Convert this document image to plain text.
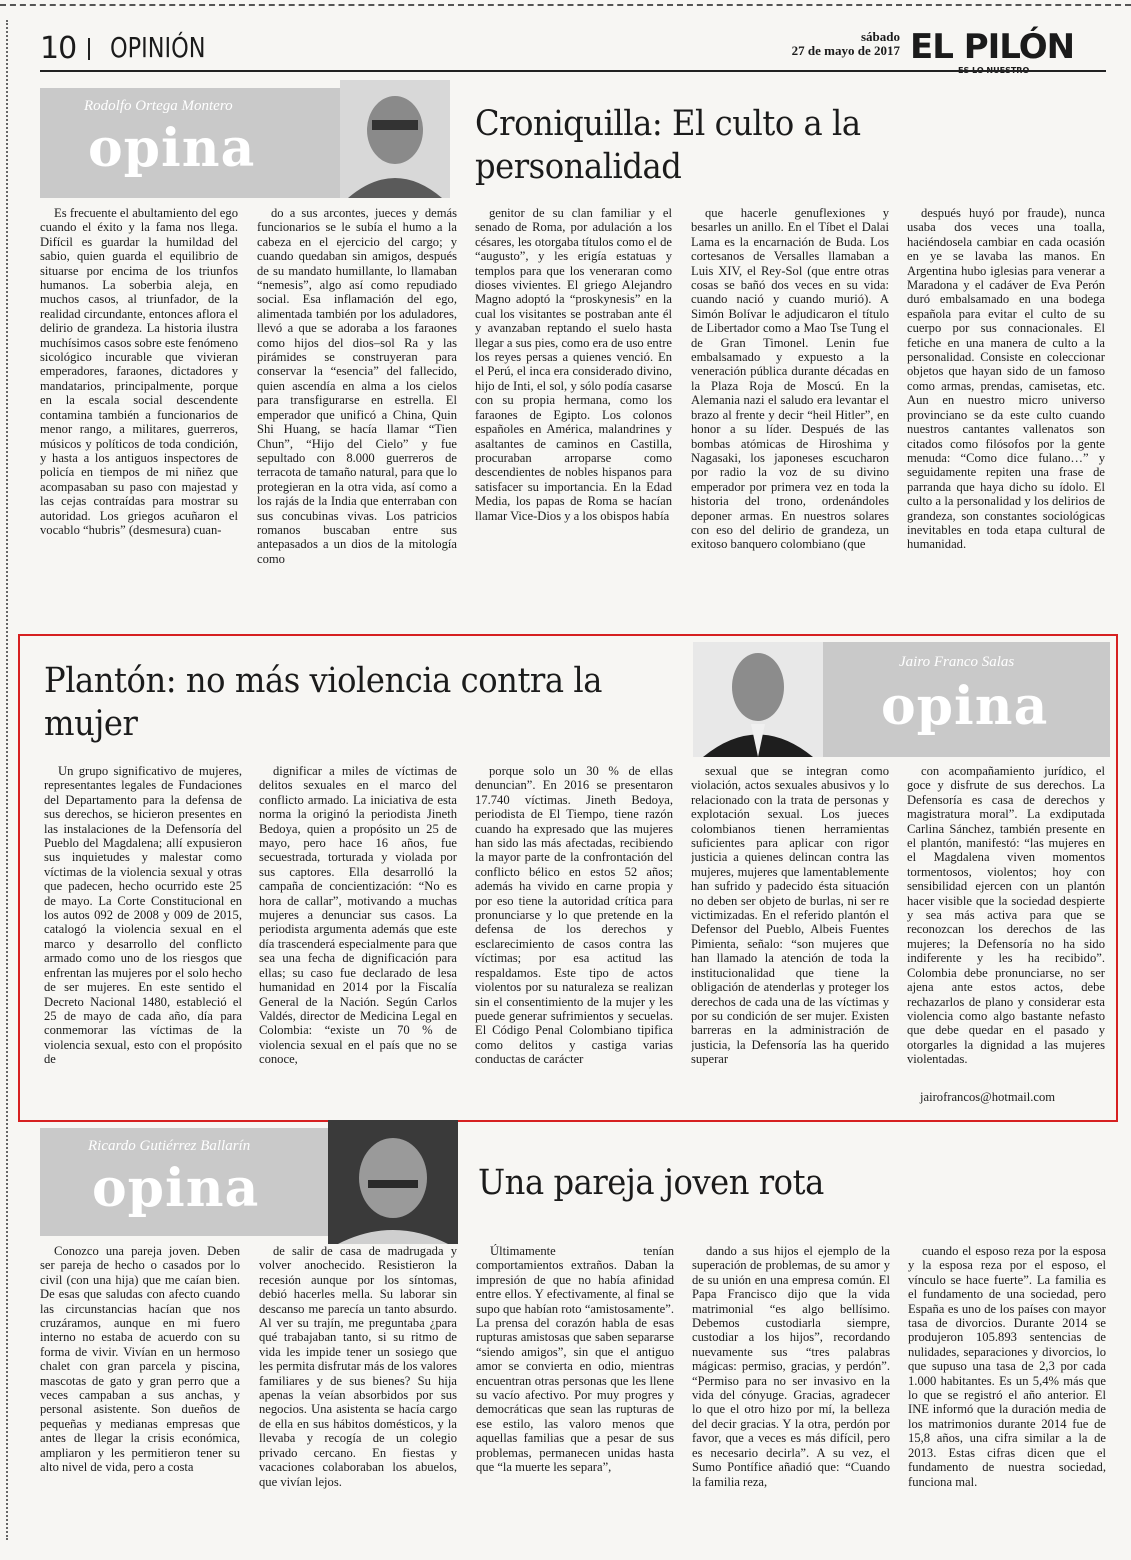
10 OPINIÓN	sábado
27 de mayo de 2017 EL PILÓN
ES LO NUESTRO
Rodolfo Ortega Montero
opina	Croniquilla: El culto a la personalidad

Es frecuente el abultamiento del ego cuando el éxito y la fama nos llega. Difícil es guardar la humildad del sabio, quien guarda el equilibrio de situarse por encima de los triunfos humanos. La soberbia aleja, en muchos casos, al triunfador, de la realidad circundante, entonces aflora el delirio de grandeza. La historia ilustra muchísimos casos sobre este fenómeno sicológico incurable que vivieran emperadores, faraones, dictadores y mandatarios, principalmente, porque en la escala social descendente contamina también a funcionarios de menor rango, a militares, guerreros, músicos y políticos de toda condición, y hasta a los antiguos inspectores de policía en tiempos de mi niñez que acompasaban su paso con majestad y las cejas contraídas para mostrar su autoridad. Los griegos acuñaron el vocablo “hubris” (desmesura) cuan-

do a sus arcontes, jueces y demás funcionarios se le subía el humo a la cabeza en el ejercicio del cargo; y cuando quedaban sin amigos, después de su mandato humillante, lo llamaban “nemesis”, algo así como repudiado social. Esa inflamación del ego, alimentada también por los aduladores, llevó a que se adoraba a los faraones como hijos del dios–sol Ra y las pirámides se construyeran para conservar la “esencia” del fallecido, quien ascendía en alma a los cielos para transfigurarse en estrella. El emperador que unificó a China, Quin Shi Huang, se hacía llamar “Tien Chun”, “Hijo del Cielo” y fue sepultado con 8.000 guerreros de terracota de tamaño natural, para que lo protegieran en la otra vida, así como a los rajás de la India que enterraban con sus concubinas vivas. Los patricios romanos buscaban entre sus antepasados a un dios de la mitología como

genitor de su clan familiar y el senado de Roma, por adulación a los césares, les otorgaba títulos como el de “augusto”, y les erigía estatuas y templos para que los veneraran como dioses vivientes. El griego Alejandro Magno adoptó la “proskynesis” en la cual los visitantes se postraban ante él y avanzaban reptando el suelo hasta llegar a sus pies, como era de uso entre los reyes persas a quienes venció. En el Perú, el inca era considerado divino, hijo de Inti, el sol, y sólo podía casarse con su propia hermana, como los faraones de Egipto. Los colonos españoles en América, malandrines y asaltantes de caminos en Castilla, procuraban arroparse como descendientes de nobles hispanos para satisfacer su importancia. En la Edad Media, los papas de Roma se hacían llamar Vice-Dios y a los obispos había

que hacerle genuflexiones y besarles un anillo. En el Tíbet el Dalai Lama es la encarnación de Buda. Los cortesanos de Versalles llamaban a Luis XIV, el Rey-Sol (que entre otras cosas se bañó dos veces en su vida: cuando nació y cuando murió). A Simón Bolívar le adjudicaron el título de Libertador como a Mao Tse Tung el de Gran Timonel. Lenin fue embalsamado y expuesto a la veneración pública durante décadas en la Plaza Roja de Moscú. En la Alemania nazi el saludo era levantar el brazo al frente y decir “heil Hitler”, en honor a su líder. Después de las bombas atómicas de Hiroshima y Nagasaki, los japoneses escucharon por radio la voz de su divino emperador por primera vez en toda la historia del trono, ordenándoles deponer armas. En nuestros solares con eso del delirio de grandeza, un exitoso banquero colombiano (que

después huyó por fraude), nunca usaba dos veces una toalla, haciéndosela cambiar en cada ocasión en ye se lavaba las manos. En Argentina hubo iglesias para venerar a Maradona y el cadáver de Eva Perón duró embalsamado en una bodega española para evitar el culto de su cuerpo por sus connacionales. El fetiche en una manera de culto a la personalidad. Consiste en coleccionar objetos que hayan sido de un famoso como armas, prendas, camisetas, etc. Aun en nuestro micro universo provinciano se da este culto cuando nuestros cantantes vallenatos son citados como filósofos por la gente menuda: “Como dice fulano…” y seguidamente repiten una frase de parranda que haya dicho su ídolo. El culto a la personalidad y los delirios de grandeza, son constantes sociológicas inevitables en toda etapa cultural de humanidad.

Plantón: no más violencia contra la mujer
Jairo Franco Salas
opina

Un grupo significativo de mujeres, representantes legales de Fundaciones del Departamento para la defensa de sus derechos, se hicieron presentes en las instalaciones de la Defensoría del Pueblo del Magdalena; allí expusieron sus inquietudes y malestar como víctimas de la violencia sexual y otras que padecen, hecho ocurrido este 25 de mayo. La Corte Constitucional en los autos 092 de 2008 y 009 de 2015, catalogó la violencia sexual en el marco y desarrollo del conflicto armado como uno de los riesgos que enfrentan las mujeres por el solo hecho de ser mujeres. En este sentido el Decreto Nacional 1480, estableció el 25 de mayo de cada año, día para conmemorar las víctimas de la violencia sexual, esto con el propósito de

dignificar a miles de víctimas de delitos sexuales en el marco del conflicto armado. La iniciativa de esta norma la originó la periodista Jineth Bedoya, quien a propósito un 25 de mayo, pero hace 16 años, fue secuestrada, torturada y violada por sus captores. Ella desarrolló la campaña de concientización: “No es hora de callar”, motivando a muchas mujeres a denunciar sus casos. La periodista argumenta además que este día trascenderá especialmente para que sea una fecha de dignificación para ellas; su caso fue declarado de lesa humanidad en 2014 por la Fiscalía General de la Nación. Según Carlos Valdés, director de Medicina Legal en Colombia: “existe un 70 % de violencia sexual en el país que no se conoce,

porque solo un 30 % de ellas denuncian”. En 2016 se presentaron 17.740 víctimas. Jineth Bedoya, periodista de El Tiempo, tiene razón cuando ha expresado que las mujeres han sido las más afectadas, recibiendo la mayor parte de la confrontación del conflicto bélico en estos 52 años; además ha vivido en carne propia y por eso tiene la autoridad crítica para pronunciarse y lo que pretende en la defensa de los derechos y esclarecimiento de casos contra las víctimas; por esa actitud las respaldamos. Este tipo de actos violentos por su naturaleza se realizan sin el consentimiento de la mujer y les puede generar sufrimientos y secuelas. El Código Penal Colombiano tipifica como delitos y castiga varias conductas de carácter

sexual que se integran como violación, actos sexuales abusivos y lo relacionado con la trata de personas y explotación sexual. Los jueces colombianos tienen herramientas suficientes para aplicar con rigor justicia a quienes delincan contra las mujeres, mujeres que lamentablemente han sufrido y padecido ésta situación no deben ser objeto de burlas, ni ser re victimizadas. En el referido plantón el Defensor del Pueblo, Albeis Fuentes Pimienta, señalo: “son mujeres que han llamado la atención de toda la institucionalidad que tiene la obligación de atenderlas y proteger los derechos de cada una de las víctimas y por su condición de ser mujer. Existen barreras en la administración de justicia, la Defensoría las ha querido superar

con acompañamiento jurídico, el goce y disfrute de sus derechos. La Defensoría es casa de derechos y magistratura moral”. La exdiputada Carlina Sánchez, también presente en el plantón, manifestó: “las mujeres en el Magdalena viven momentos tormentosos, violentos; hoy con sensibilidad ejercen con un plantón hacer visible que la sociedad despierte y sea más activa para que se reconozcan los derechos de las mujeres; la Defensoría no ha sido indiferente y les ha recibido”. Colombia debe pronunciarse, no ser ajena ante estos actos, debe rechazarlos de plano y considerar esta violencia como algo bastante nefasto que debe quedar en el pasado y otorgarles la dignidad a las mujeres violentadas.

jairofrancos@hotmail.com
Ricardo Gutiérrez Ballarín
opina	Una pareja joven rota

Conozco una pareja joven. Deben ser pareja de hecho o casados por lo civil (con una hija) que me caían bien. De esas que saludas con afecto cuando las circunstancias hacían que nos cruzáramos, aunque en mi fuero interno no estaba de acuerdo con su forma de vivir. Vivían en un hermoso chalet con gran parcela y piscina, mascotas de gato y gran perro que a veces campaban a sus anchas, y personal asistente. Son dueños de pequeñas y medianas empresas que antes de llegar la crisis económica, ampliaron y les permitieron tener su alto nivel de vida, pero a costa

de salir de casa de madrugada y volver anochecido. Resistieron la recesión aunque por los síntomas, debió hacerles mella. Su laborar sin descanso me parecía un tanto absurdo. Al ver su trajín, me preguntaba ¿para qué trabajaban tanto, si su ritmo de vida les impide tener un sosiego que les permita disfrutar más de los valores familiares y de sus bienes? Su hija apenas la veían absorbidos por sus negocios. Una asistenta se hacía cargo de ella en sus hábitos domésticos, y la llevaba y recogía de un colegio privado cercano. En fiestas y vacaciones colaboraban los abuelos, que vivían lejos.

Últimamente tenían comportamientos extraños. Daban la impresión de que no había afinidad entre ellos. Y efectivamente, al final se supo que habían roto “amistosamente”. La prensa del corazón habla de esas rupturas amistosas que saben separarse “siendo amigos”, sin que el antiguo amor se convierta en odio, mientras encuentran otras personas que les llene su vacío afectivo. Por muy progres y democráticas que sean las rupturas de ese estilo, las valoro menos que aquellas familias que a pesar de sus problemas, permanecen unidas hasta que “la muerte les separa”,

dando a sus hijos el ejemplo de la superación de problemas, de su amor y de su unión en una empresa común. El Papa Francisco dijo que la vida matrimonial “es algo bellísimo. Debemos custodiarla siempre, custodiar a los hijos”, recordando nuevamente sus “tres palabras mágicas: permiso, gracias, y perdón”. “Permiso para no ser invasivo en la vida del cónyuge. Gracias, agradecer lo que el otro hizo por mí, la belleza del decir gracias. Y la otra, perdón por favor, que a veces es más difícil, pero es necesario decirla”. A su vez, el Sumo Pontífice añadió que: “Cuando la familia reza,

cuando el esposo reza por la esposa y la esposa reza por el esposo, el vínculo se hace fuerte”. La familia es el fundamento de una sociedad, pero España es uno de los países con mayor tasa de divorcios. Durante 2014 se produjeron 105.893 sentencias de nulidades, separaciones y divorcios, lo que supuso una tasa de 2,3 por cada 1.000 habitantes. Es un 5,4% más que lo que se registró el año anterior. El INE informó que la duración media de los matrimonios durante 2014 fue de 15,8 años, una cifra similar a la de 2013. Estas cifras dicen que el fundamento de nuestra sociedad, funciona mal.
